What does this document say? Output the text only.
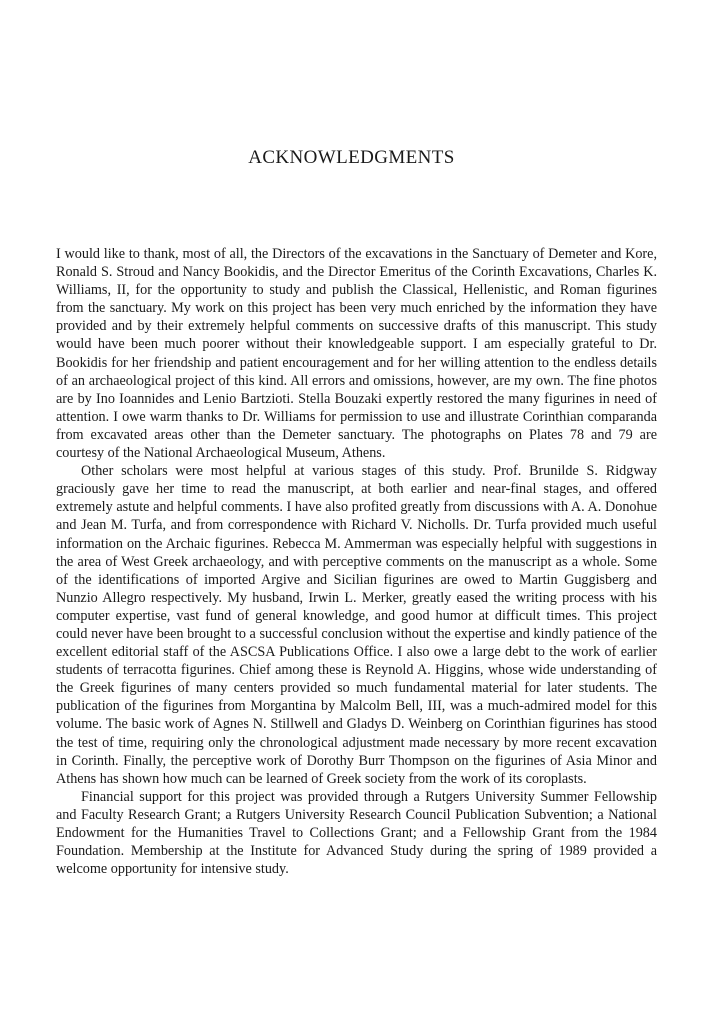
ACKNOWLEDGMENTS

I would like to thank, most of all, the Directors of the excavations in the Sanctuary of Demeter and Kore, Ronald S. Stroud and Nancy Bookidis, and the Director Emeritus of the Corinth Excavations, Charles K. Williams, II, for the opportunity to study and publish the Classical, Hellenistic, and Roman figurines from the sanctuary. My work on this project has been very much enriched by the information they have provided and by their extremely helpful comments on successive drafts of this manuscript. This study would have been much poorer without their knowledgeable support. I am especially grateful to Dr. Bookidis for her friendship and patient encouragement and for her willing attention to the endless details of an archaeological project of this kind. All errors and omissions, however, are my own. The fine photos are by Ino Ioannides and Lenio Bartzioti. Stella Bouzaki expertly restored the many figurines in need of attention. I owe warm thanks to Dr. Williams for permission to use and illustrate Corinthian comparanda from excavated areas other than the Demeter sanctuary. The photographs on Plates 78 and 79 are courtesy of the National Archaeological Museum, Athens.

Other scholars were most helpful at various stages of this study. Prof. Brunilde S. Ridgway graciously gave her time to read the manuscript, at both earlier and near-final stages, and offered extremely astute and helpful comments. I have also profited greatly from discussions with A. A. Donohue and Jean M. Turfa, and from correspondence with Richard V. Nicholls. Dr. Turfa provided much useful information on the Archaic figurines. Rebecca M. Ammerman was especially helpful with suggestions in the area of West Greek archaeology, and with perceptive comments on the manuscript as a whole. Some of the identifications of imported Argive and Sicilian figurines are owed to Martin Guggisberg and Nunzio Allegro respectively. My husband, Irwin L. Merker, greatly eased the writing process with his computer expertise, vast fund of general knowledge, and good humor at difficult times. This project could never have been brought to a successful conclusion without the expertise and kindly patience of the excellent editorial staff of the ASCSA Publications Office. I also owe a large debt to the work of earlier students of terracotta figurines. Chief among these is Reynold A. Higgins, whose wide understanding of the Greek figurines of many centers provided so much fundamental material for later students. The publication of the figurines from Morgantina by Malcolm Bell, III, was a much-admired model for this volume. The basic work of Agnes N. Stillwell and Gladys D. Weinberg on Corinthian figurines has stood the test of time, requiring only the chronological adjustment made necessary by more recent excavation in Corinth. Finally, the perceptive work of Dorothy Burr Thompson on the figurines of Asia Minor and Athens has shown how much can be learned of Greek society from the work of its coroplasts.

Financial support for this project was provided through a Rutgers University Summer Fellowship and Faculty Research Grant; a Rutgers University Research Council Publication Subvention; a National Endowment for the Humanities Travel to Collections Grant; and a Fellowship Grant from the 1984 Foundation. Membership at the Institute for Advanced Study during the spring of 1989 provided a welcome opportunity for intensive study.
